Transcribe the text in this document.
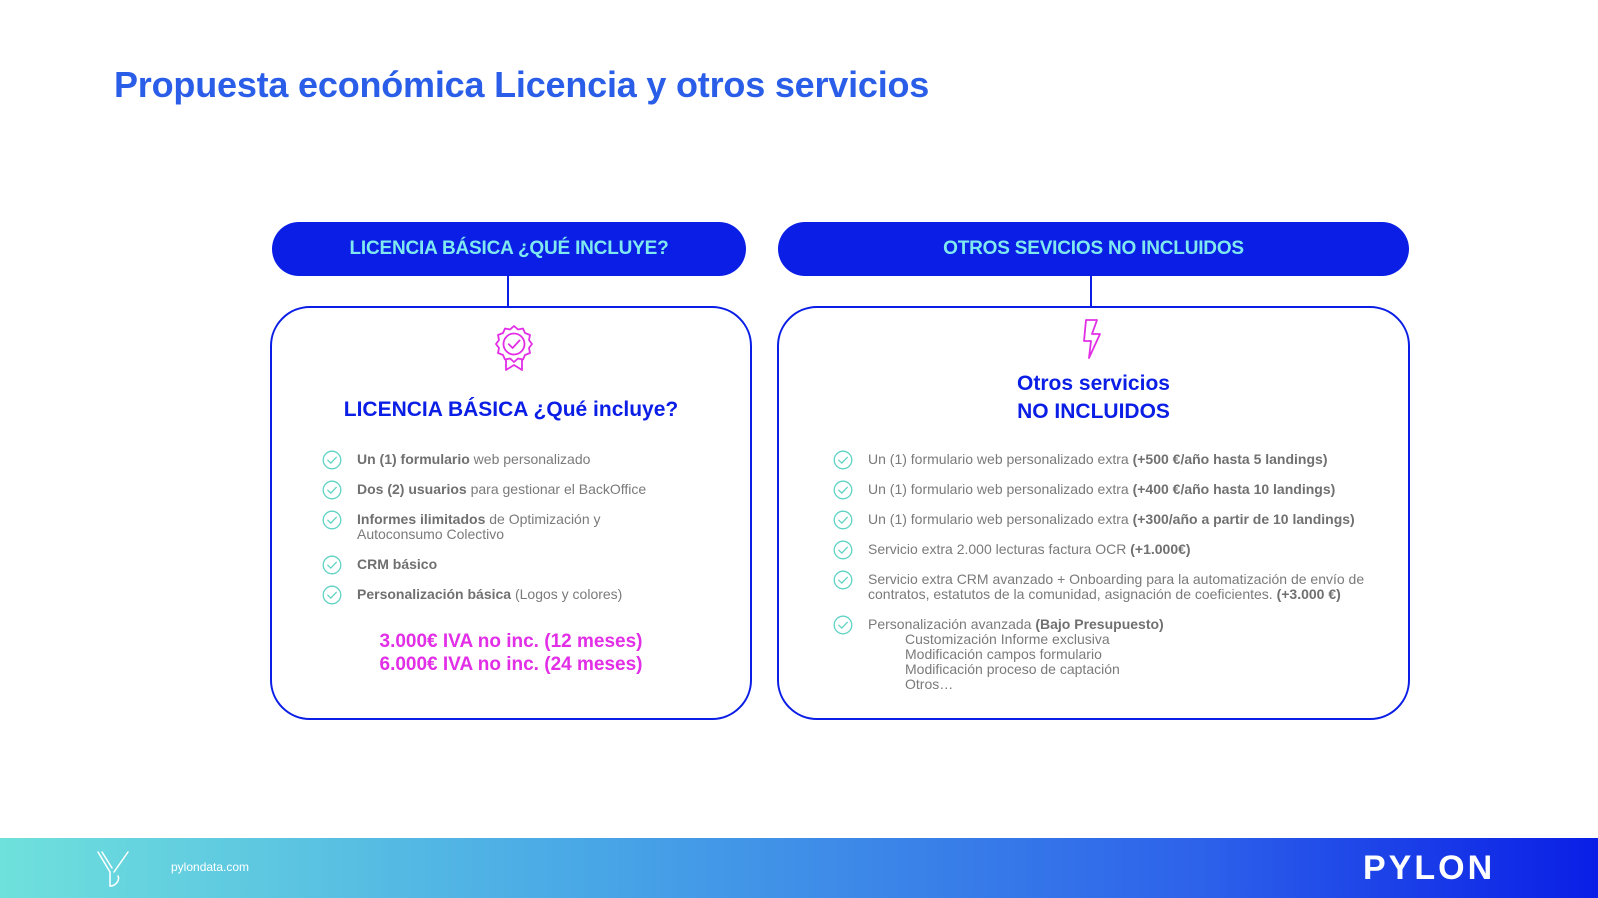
Propuesta económica Licencia y otros servicios
LICENCIA BÁSICA ¿QUÉ INCLUYE?
LICENCIA BÁSICA ¿Qué incluye?
Un (1) formulario web personalizado
Dos (2) usuarios para gestionar el BackOffice
Informes ilimitados de Optimización y Autoconsumo Colectivo
CRM básico
Personalización básica (Logos y colores)
3.000€ IVA no inc. (12 meses)
6.000€ IVA no inc. (24 meses)
OTROS SEVICIOS NO INCLUIDOS
Otros servicios
NO INCLUIDOS
Un (1) formulario web personalizado extra (+500 €/año hasta 5 landings)
Un (1) formulario web personalizado extra (+400 €/año hasta 10 landings)
Un (1) formulario web personalizado extra (+300/año a partir de 10 landings)
Servicio extra 2.000 lecturas factura OCR (+1.000€)
Servicio extra CRM avanzado + Onboarding para la automatización de envío de contratos, estatutos de la comunidad, asignación de coeficientes. (+3.000 €)
Personalización avanzada (Bajo Presupuesto)
Customización Informe exclusiva
Modificación campos formulario
Modificación proceso de captación
Otros…
pylondata.com	PYLON
